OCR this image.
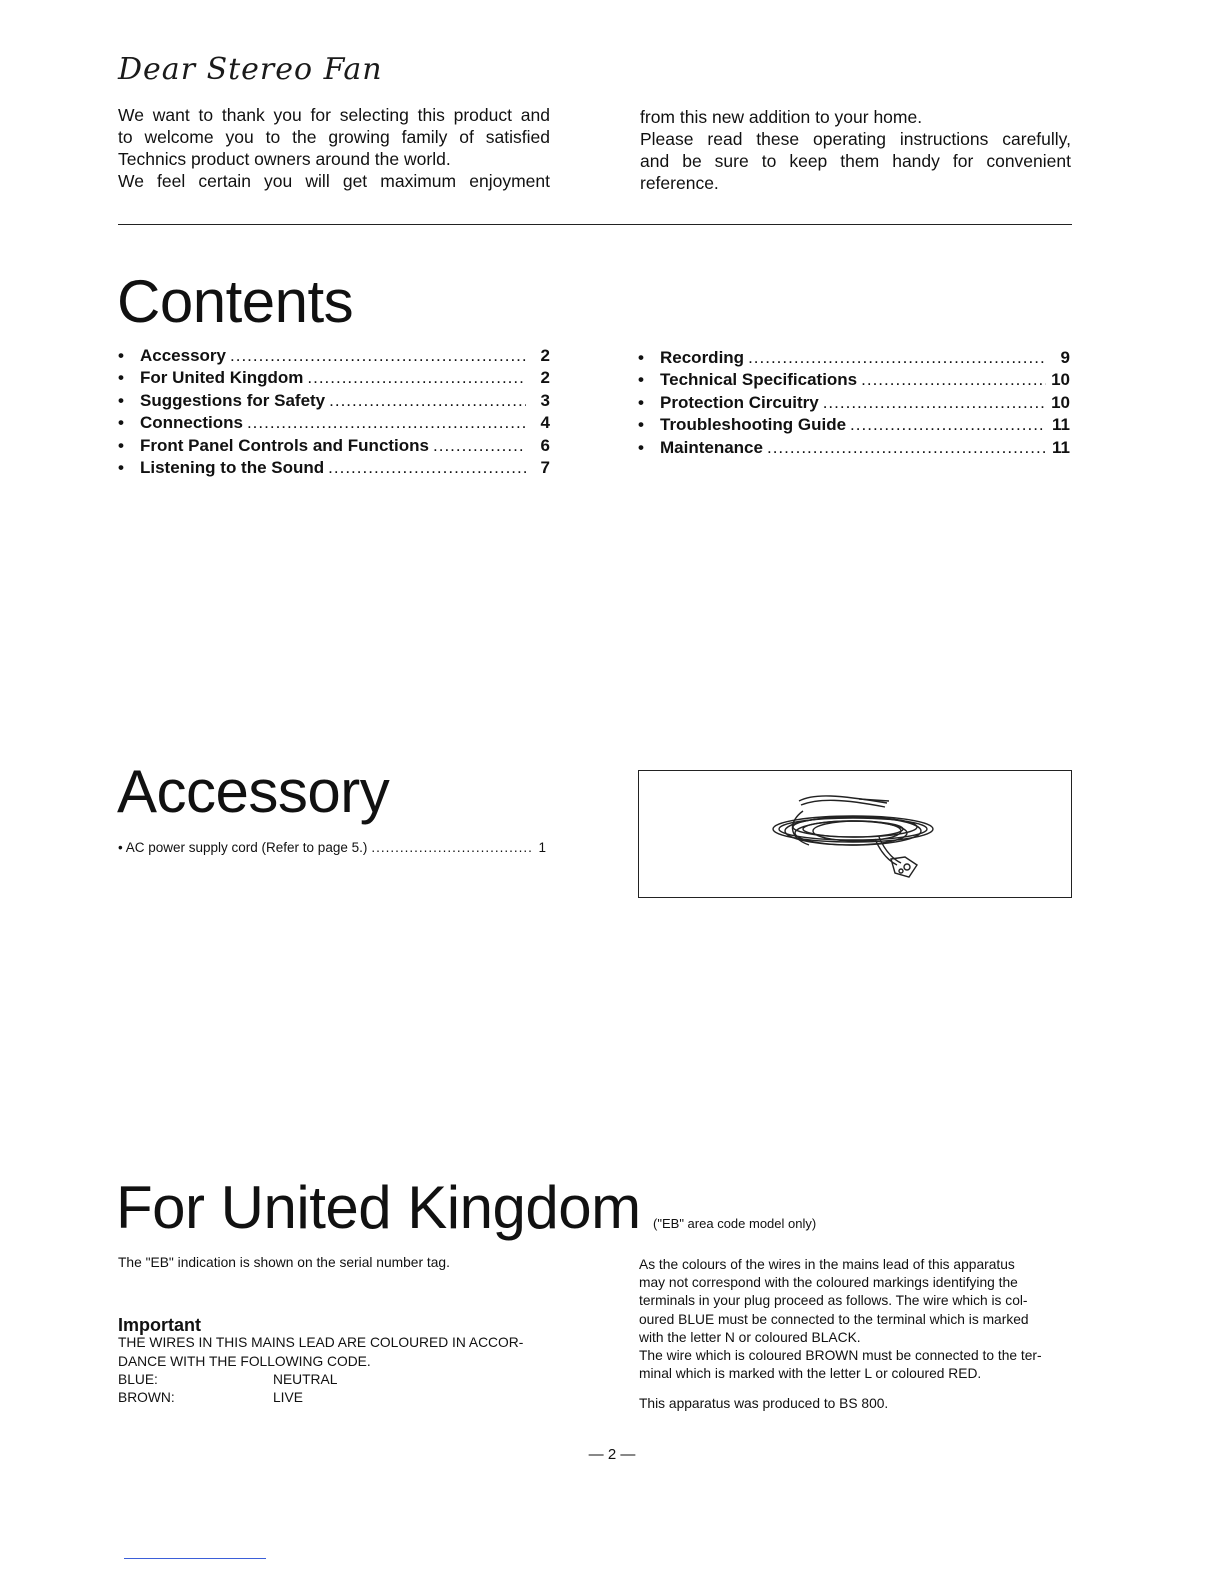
Dear Stereo Fan

We want to thank you for selecting this product and

to welcome you to the growing family of satisfied

Technics product owners around the world.

We feel certain you will get maximum enjoyment

from this new addition to your home.

Please read these operating instructions carefully,

and be sure to keep them handy for convenient

reference.

Contents
• Accessory .....	2
• For United Kingdom .....	2
• Suggestions for Safety .....	3
• Connections .....	4
• Front Panel Controls and Functions .....	6
• Listening to the Sound .....	7
• Recording .....	9
• Technical Specifications .....	10
• Protection Circuitry .....	10
• Troubleshooting Guide .....	11
• Maintenance .....	11
Accessory
• AC power supply cord (Refer to page 5.) .....	1
For United Kingdom ("EB" area code model only)

The "EB" indication is shown on the serial number tag.

Important

THE WIRES IN THIS MAINS LEAD ARE COLOURED IN ACCOR-

DANCE WITH THE FOLLOWING CODE.

BLUE:	NEUTRAL
BROWN:	LIVE

As the colours of the wires in the mains lead of this apparatus

may not correspond with the coloured markings identifying the

terminals in your plug proceed as follows. The wire which is col-

oured BLUE must be connected to the terminal which is marked

with the letter N or coloured BLACK.

The wire which is coloured BROWN must be connected to the ter-

minal which is marked with the letter L or coloured RED.

This apparatus was produced to BS 800.

— 2 —
